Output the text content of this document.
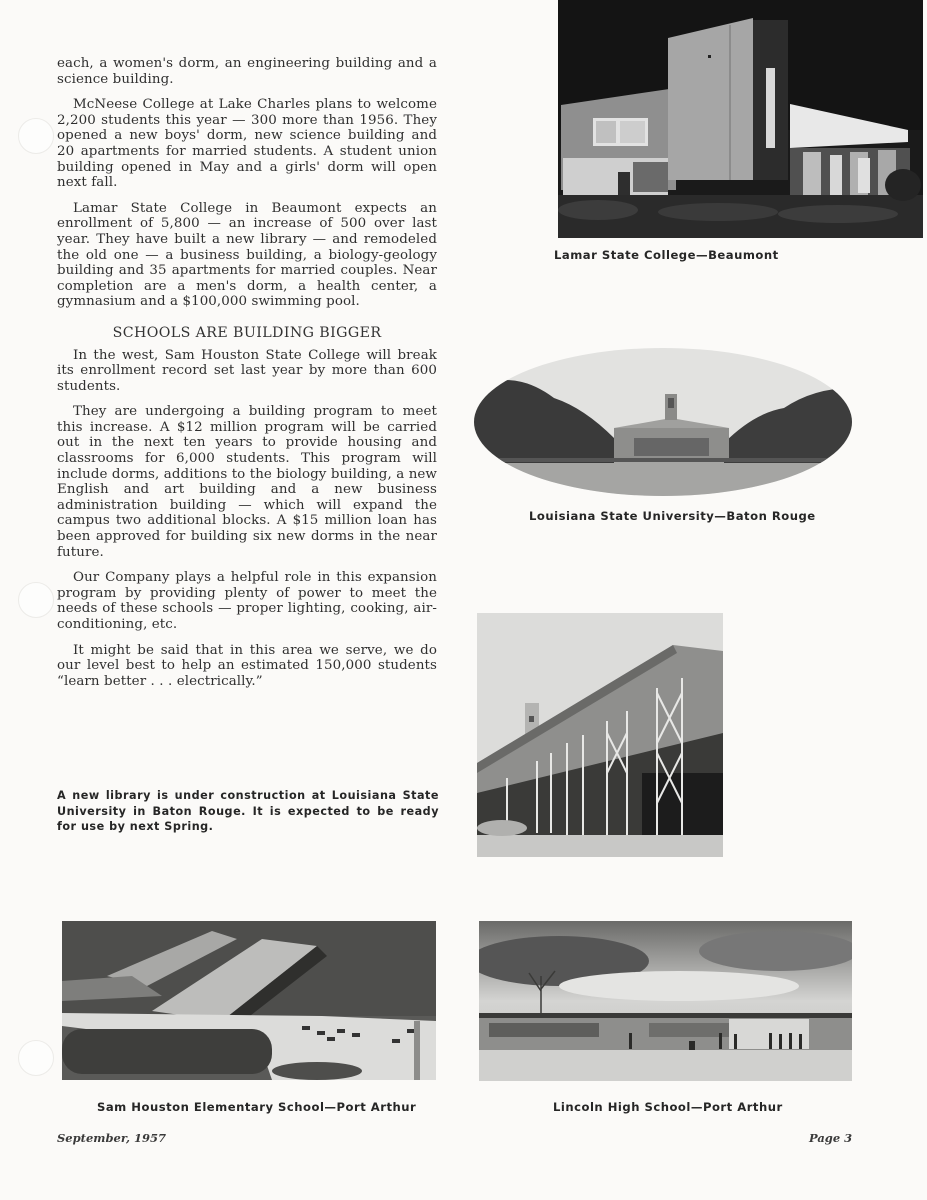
each, a women's dorm, an engineering building and a science building.

McNeese College at Lake Charles plans to welcome 2,200 students this year — 300 more than 1956. They opened a new boys' dorm, new science building and 20 apartments for married students. A student union building opened in May and a girls' dorm will open next fall.

Lamar State College in Beaumont expects an enrollment of 5,800 — an increase of 500 over last year. They have built a new library — and remodeled the old one — a business building, a biology-geology building and 35 apartments for married couples. Near completion are a men's dorm, a health center, a gymnasium and a $100,000 swimming pool.

SCHOOLS ARE BUILDING BIGGER

In the west, Sam Houston State College will break its enrollment record set last year by more than 600 students.

They are undergoing a building program to meet this increase. A $12 million program will be carried out in the next ten years to provide housing and classrooms for 6,000 students. This program will include dorms, additions to the biology building, a new English and art building and a new business administration building — which will expand the campus two additional blocks. A $15 million loan has been approved for building six new dorms in the near future.

Our Company plays a helpful role in this expansion program by providing plenty of power to meet the needs of these schools — proper lighting, cooking, air-conditioning, etc.

It might be said that in this area we serve, we do our level best to help an estimated 150,000 students “learn better . . . electrically.”

Lamar State College—Beaumont
Louisiana State University—Baton Rouge
A new library is under construction at Louisiana State University in Baton Rouge. It is expected to be ready for use by next Spring.
Sam Houston Elementary School—Port Arthur	Lincoln High School—Port Arthur
September, 1957	Page 3
